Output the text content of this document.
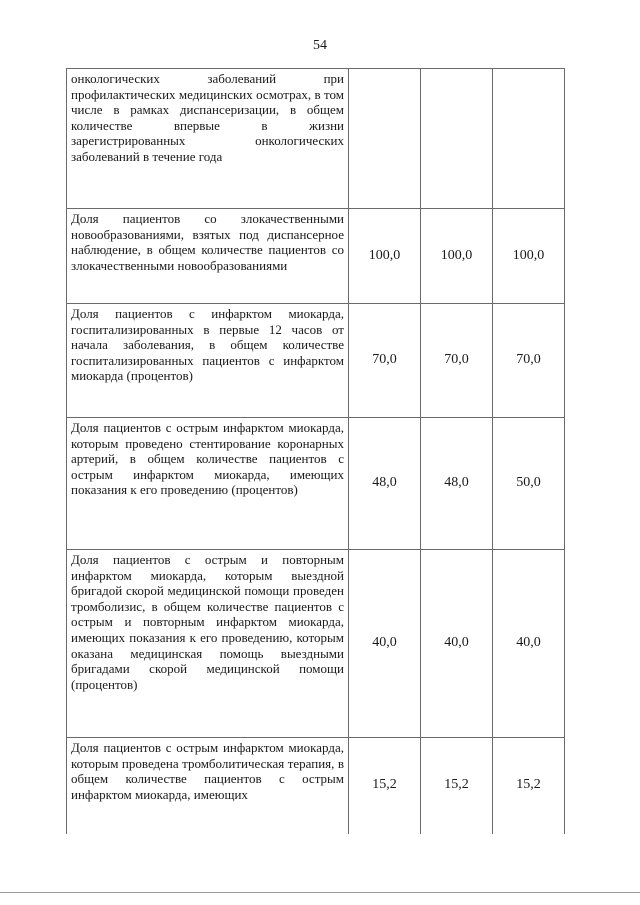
54
онкологических заболеваний при профилактических медицинских осмотрах, в том числе в рамках диспансеризации, в общем количестве впервые в жизни зарегистрированных онкологических заболеваний в течение года			
Доля пациентов со злокачественными новообразованиями, взятых под диспансерное наблюдение, в общем количестве пациентов со злокачественными новообразованиями	100,0	100,0	100,0
Доля пациентов с инфарктом миокарда, госпитализированных в первые 12 часов от начала заболевания, в общем количестве госпитализированных пациентов с инфарктом миокарда (процентов)	70,0	70,0	70,0
Доля пациентов с острым инфарктом миокарда, которым проведено стентирование коронарных артерий, в общем количестве пациентов с острым инфарктом миокарда, имеющих показания к его проведению (процентов)	48,0	48,0	50,0
Доля пациентов с острым и повторным инфарктом миокарда, которым выездной бригадой скорой медицинской помощи проведен тромболизис, в общем количестве пациентов с острым и повторным инфарктом миокарда, имеющих показания к его проведению, которым оказана медицинская помощь выездными бригадами скорой медицинской помощи (процентов)	40,0	40,0	40,0
Доля пациентов с острым инфарктом миокарда, которым проведена тромболитическая терапия, в общем количестве пациентов с острым инфарктом миокарда, имеющих	15,2	15,2	15,2
